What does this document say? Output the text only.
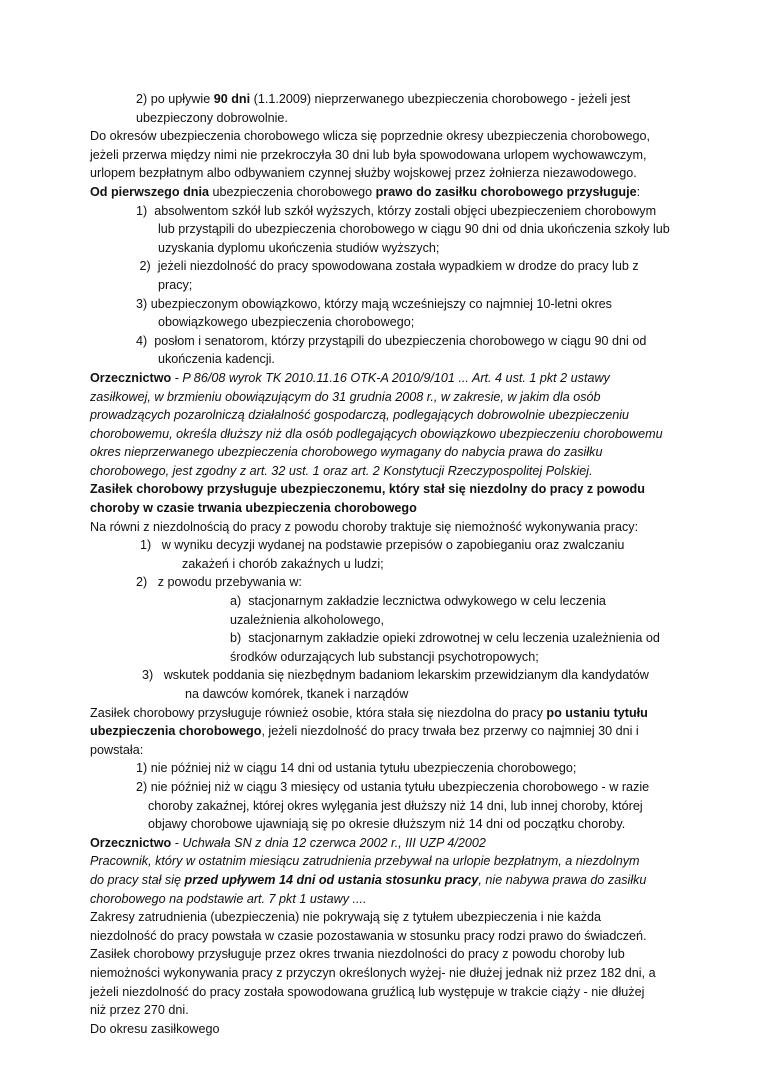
2) po upływie 90 dni (1.1.2009) nieprzerwanego ubezpieczenia chorobowego - jeżeli jest

ubezpieczony dobrowolnie.

Do okresów ubezpieczenia chorobowego wlicza się poprzednie okresy ubezpieczenia chorobowego,

jeżeli przerwa między nimi nie przekroczyła 30 dni lub była spowodowana urlopem wychowawczym,

urlopem bezpłatnym albo odbywaniem czynnej służby wojskowej przez żołnierza niezawodowego.

Od pierwszego dnia ubezpieczenia chorobowego prawo do zasiłku chorobowego przysługuje:

1) absolwentom szkół lub szkół wyższych, którzy zostali objęci ubezpieczeniem chorobowym

lub przystąpili do ubezpieczenia chorobowego w ciągu 90 dni od dnia ukończenia szkoły lub

uzyskania dyplomu ukończenia studiów wyższych;

2) jeżeli niezdolność do pracy spowodowana została wypadkiem w drodze do pracy lub z

pracy;

3) ubezpieczonym obowiązkowo, którzy mają wcześniejszy co najmniej 10-letni okres

obowiązkowego ubezpieczenia chorobowego;

4) posłom i senatorom, którzy przystąpili do ubezpieczenia chorobowego w ciągu 90 dni od

ukończenia kadencji.

Orzecznictwo - P 86/08 wyrok TK 2010.11.16 OTK-A 2010/9/101 ... Art. 4 ust. 1 pkt 2 ustawy

zasiłkowej, w brzmieniu obowiązującym do 31 grudnia 2008 r., w zakresie, w jakim dla osób

prowadzących pozarolniczą działalność gospodarczą, podlegających dobrowolnie ubezpieczeniu

chorobowemu, określa dłuższy niż dla osób podlegających obowiązkowo ubezpieczeniu chorobowemu

okres nieprzerwanego ubezpieczenia chorobowego wymagany do nabycia prawa do zasiłku

chorobowego, jest zgodny z art. 32 ust. 1 oraz art. 2 Konstytucji Rzeczypospolitej Polskiej.

Zasiłek chorobowy przysługuje ubezpieczonemu, który stał się niezdolny do pracy z powodu

choroby w czasie trwania ubezpieczenia chorobowego

Na równi z niezdolnością do pracy z powodu choroby traktuje się niemożność wykonywania pracy:

1) w wyniku decyzji wydanej na podstawie przepisów o zapobieganiu oraz zwalczaniu

zakażeń i chorób zakaźnych u ludzi;

2) z powodu przebywania w:

a) stacjonarnym zakładzie lecznictwa odwykowego w celu leczenia

uzależnienia alkoholowego,

b) stacjonarnym zakładzie opieki zdrowotnej w celu leczenia uzależnienia od

środków odurzających lub substancji psychotropowych;

3) wskutek poddania się niezbędnym badaniom lekarskim przewidzianym dla kandydatów

na dawców komórek, tkanek i narządów

Zasiłek chorobowy przysługuje również osobie, która stała się niezdolna do pracy po ustaniu tytułu

ubezpieczenia chorobowego, jeżeli niezdolność do pracy trwała bez przerwy co najmniej 30 dni i

powstała:

1) nie później niż w ciągu 14 dni od ustania tytułu ubezpieczenia chorobowego;

2) nie później niż w ciągu 3 miesięcy od ustania tytułu ubezpieczenia chorobowego - w razie

choroby zakaźnej, której okres wylęgania jest dłuższy niż 14 dni, lub innej choroby, której

objawy chorobowe ujawniają się po okresie dłuższym niż 14 dni od początku choroby.

Orzecznictwo - Uchwała SN z dnia 12 czerwca 2002 r., III UZP 4/2002

Pracownik, który w ostatnim miesiącu zatrudnienia przebywał na urlopie bezpłatnym, a niezdolnym

do pracy stał się przed upływem 14 dni od ustania stosunku pracy, nie nabywa prawa do zasiłku

chorobowego na podstawie art. 7 pkt 1 ustawy ....

Zakresy zatrudnienia (ubezpieczenia) nie pokrywają się z tytułem ubezpieczenia i nie każda

niezdolność do pracy powstała w czasie pozostawania w stosunku pracy rodzi prawo do świadczeń.

Zasiłek chorobowy przysługuje przez okres trwania niezdolności do pracy z powodu choroby lub

niemożności wykonywania pracy z przyczyn określonych wyżej- nie dłużej jednak niż przez 182 dni, a

jeżeli niezdolność do pracy została spowodowana gruźlicą lub występuje w trakcie ciąży - nie dłużej

niż przez 270 dni.

Do okresu zasiłkowego
